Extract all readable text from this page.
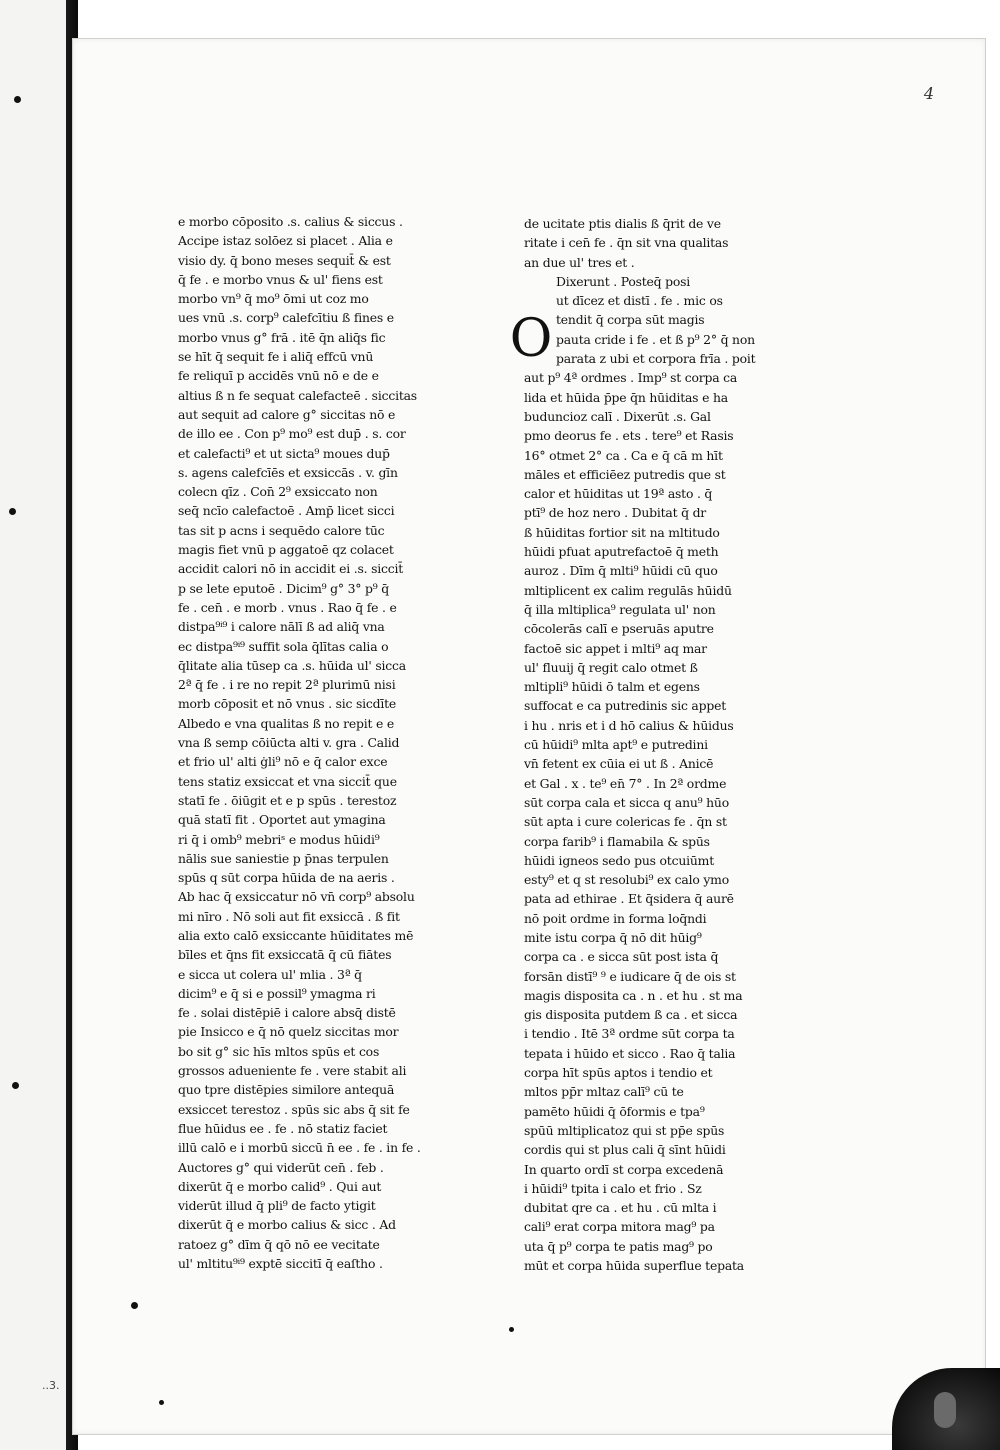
4
e morbo cōposito .s. calius & siccus .
Accipe istaz solōez si placet . Alia e
visio dy. q̄ bono meses sequit̄ & est
q̄ fe . e morbo vnus & ul' fiens est
morbo vn⁹ q̄ mo⁹ ōmi ut coz mo
ues vnū .s. corp⁹ calefcītiu ß fines e
morbo vnus g° frā . itē q̄n aliq̄s fic
se hīt q̄ sequit fe i aliq̄ effcū vnū
fe reliquī p accidēs vnū nō e de e
altius ß n fe sequat calefacteē . siccitas
aut sequit ad calore g° siccitas nō e
de illo ee . Con p⁹ mo⁹ est dup̄ . s. cor
et calefacti⁹ et ut sicta⁹ moues dup̄
s. agens calefcīēs et exsiccās . v. gīn
colecn qīz . Con̄ 2⁹ exsiccato non
seq̄ ncīo calefactoē . Amp̄ licet sicci
tas sit p acns i sequēdo calore tūc
magis fiet vnū p aggatoē qz colacet
accidit calori nō in accidit ei .s. siccit̄
p se lete eputoē . Dicim⁹ g° 3° p⁹ q̄
fe . cen̄ . e morb . vnus . Rao q̄ fe . e
distpa⁹ⁱ⁹ i calore nālī ß ad aliq̄ vna
ec distpa⁹ⁱ⁹ suffit sola q̄lītas calia o
q̄litate alia tūsep ca .s. hūida ul' sicca
2ª q̄ fe . i re no repit 2ª plurimū nisi
morb cōposit et nō vnus . sic sicdīte
Albedo e vna qualitas ß no repit e e
vna ß semp cōiūcta alti v. gra . Calid
et frio ul' alti ġli⁹ nō e q̄ calor exce
tens statiz exsiccat et vna siccit̄ que
statī fe . ōiūgit et e p spūs . terestoz
quā statī fit . Oportet aut ymagina
ri q̄ i omb⁹ mebriˢ e modus hūidi⁹
nālis sue saniestie p p̄nas terpulen
spūs q sūt corpa hūida de na aeris .
Ab hac q̄ exsiccatur nō vn̄ corp⁹ absolu
mi nīro . Nō soli aut fit exsiccā . ß fit
alia exto calō exsiccante hūiditates mē
bīles et q̄ns fit exsiccatā q̄ cū fiātes
e sicca ut colera ul' mlia . 3ª q̄
dicim⁹ e q̄ si e possil⁹ ymagma ri
fe . solai distēpiē i calore absq̄ distē
pie Insicco e q̄ nō quelz siccitas mor
bo sit g° sic hīs mltos spūs et cos
grossos adueniente fe . vere stabit ali
quo tpre distēpies similore antequā
exsiccet terestoz . spūs sic abs q̄ sit fe
flue hūidus ee . fe . nō statiz faciet
illū calō e i morbū siccū n̄ ee . fe . in fe .
Auctores g° qui viderūt cen̄ . feb .
dixerūt q̄ e morbo calid⁹ . Qui aut
viderūt illud q̄ pli⁹ de facto ytigit
dixerūt q̄ e morbo calius & sicc . Ad
ratoez g° dīm q̄ qō nō ee vecitate
ul' mltitu⁹ⁱ⁹ exptē siccitī q̄ eaſtho .
de ucitate ptis dialis ß q̄rit de ve
ritate i cen̄ fe . q̄n sit vna qualitas
an due ul' tres et .
O
Dixerunt . Posteq̄ posi
ut dīcez et distī . fe . mic os
tendit q̄ corpa sūt magis
pauta cride i fe . et ß p⁹ 2° q̄ non
parata z ubi et corpora frīa . poit
aut p⁹ 4ª ordmes . Imp⁹ st corpa ca
lida et hūida p̄pe q̄n hūiditas e ha
buduncioz calī . Dixerūt .s. Gal
pmo deorus fe . ets . tere⁹ et Rasis
16° otmet 2° ca . Ca e q̄ cā m hīt
māles et efficiēez putredis que st
calor et hūiditas ut 19ª asto . q̄
ptī⁹ de hoz nero . Dubitat q̄ dr
ß hūiditas fortior sit na mltitudo
hūidi pfuat aputrefactoē q̄ meth
auroz . Dīm q̄ mlti⁹ hūidi cū quo
mltiplicent ex calim regulās hūidū
q̄ illa mltiplica⁹ regulata ul' non
cōcolerās calī e pseruās aputre
factoē sic appet i mlti⁹ aq mar
ul' fluuij q̄ regit calo otmet ß
mltipli⁹ hūidi ō talm et egens
suffocat e ca putredinis sic appet
i hu . nris et i d hō calius & hūidus
cū hūidi⁹ mlta apt⁹ e putredini
vn̄ fetent ex cūia ei ut ß . Anicē
et Gal . x . te⁹ en̄ 7° . In 2ª ordme
sūt corpa cala et sicca q anu⁹ hūo
sūt apta i cure colericas fe . q̄n st
corpa farib⁹ i flamabila & spūs
hūidi igneos sedo pus otcuiūmt
esty⁹ et q st resolubi⁹ ex calo ymo
pata ad ethirae . Et q̄sidera q̄ aurē
nō poit ordme in forma loq̄ndi
mite istu corpa q̄ nō dit hūig⁹
corpa ca . e sicca sūt post ista q̄
forsān distī⁹ ⁹ e iudicare q̄ de ois st
magis disposita ca . n . et hu . st ma
gis disposita putdem ß ca . et sicca
i tendio . Itē 3ª ordme sūt corpa ta
tepata i hūido et sicco . Rao q̄ talia
corpa hīt spūs aptos i tendio et
mltos pp̄r mltaz calī⁹ cū te
pamēto hūidi q̄ ōformis e tpa⁹
spūū mltiplicatoz qui st pp̄e spūs
cordis qui st plus cali q̄ sīnt hūidi
In quarto ordī st corpa excedenā
i hūidi⁹ tpita i calo et frio . Sz
dubitat qre ca . et hu . cū mlta i
cali⁹ erat corpa mitora mag⁹ pa
uta q̄ p⁹ corpa te patis mag⁹ po
mūt et corpa hūida superflue tepata
..3.
